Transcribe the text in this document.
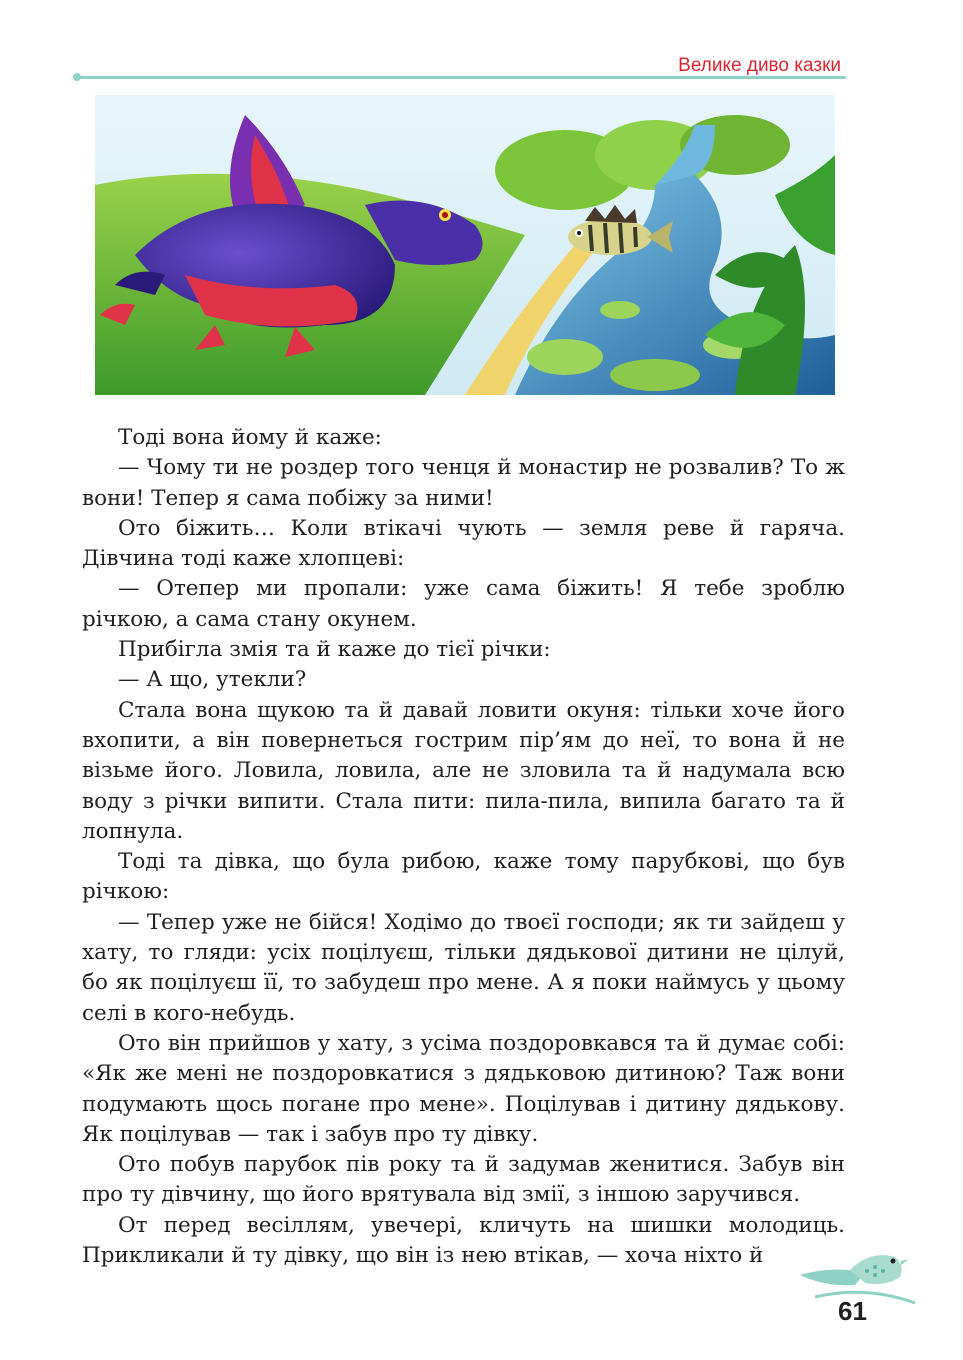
Велике диво казки

Тоді вона йому й каже:

— Чому ти не роздер того ченця й монастир не розвалив? То ж вони! Тепер я сама побіжу за ними!

Ото біжить… Коли втікачі чують — земля реве й гаряча. Дівчина тоді каже хлопцеві:

— Отепер ми пропали: уже сама біжить! Я тебе зроблю річкою, а сама стану окунем.

Прибігла змія та й каже до тієї річки:

— А що, утекли?

Стала вона щукою та й давай ловити окуня: тільки хоче його вхопити, а він повернеться гострим пір’ям до неї, то вона й не візьме його. Ловила, ловила, але не зловила та й надумала всю воду з річки випити. Стала пити: пила-пила, випила багато та й лопнула.

Тоді та дівка, що була рибою, каже тому парубкові, що був річкою:

— Тепер уже не бійся! Ходімо до твоєї господи; як ти зайдеш у хату, то гляди: усіх поцілуєш, тільки дядькової дитини не цілуй, бо як поцілуєш її, то забудеш про мене. А я поки наймусь у цьому селі в кого-небудь.

Ото він прийшов у хату, з усіма поздоровкався та й думає собі: «Як же мені не поздоровкатися з дядьковою дитиною? Таж вони подумають щось погане про мене». Поцілував і дитину дядькову. Як поцілував — так і забув про ту дівку.

Ото побув парубок пів року та й задумав женитися. Забув він про ту дівчину, що його врятувала від змії, з іншою заручився.

От перед весіллям, увечері, кличуть на шишки молодиць. Прикликали й ту дівку, що він із нею втікав, — хоча ніхто й

61
